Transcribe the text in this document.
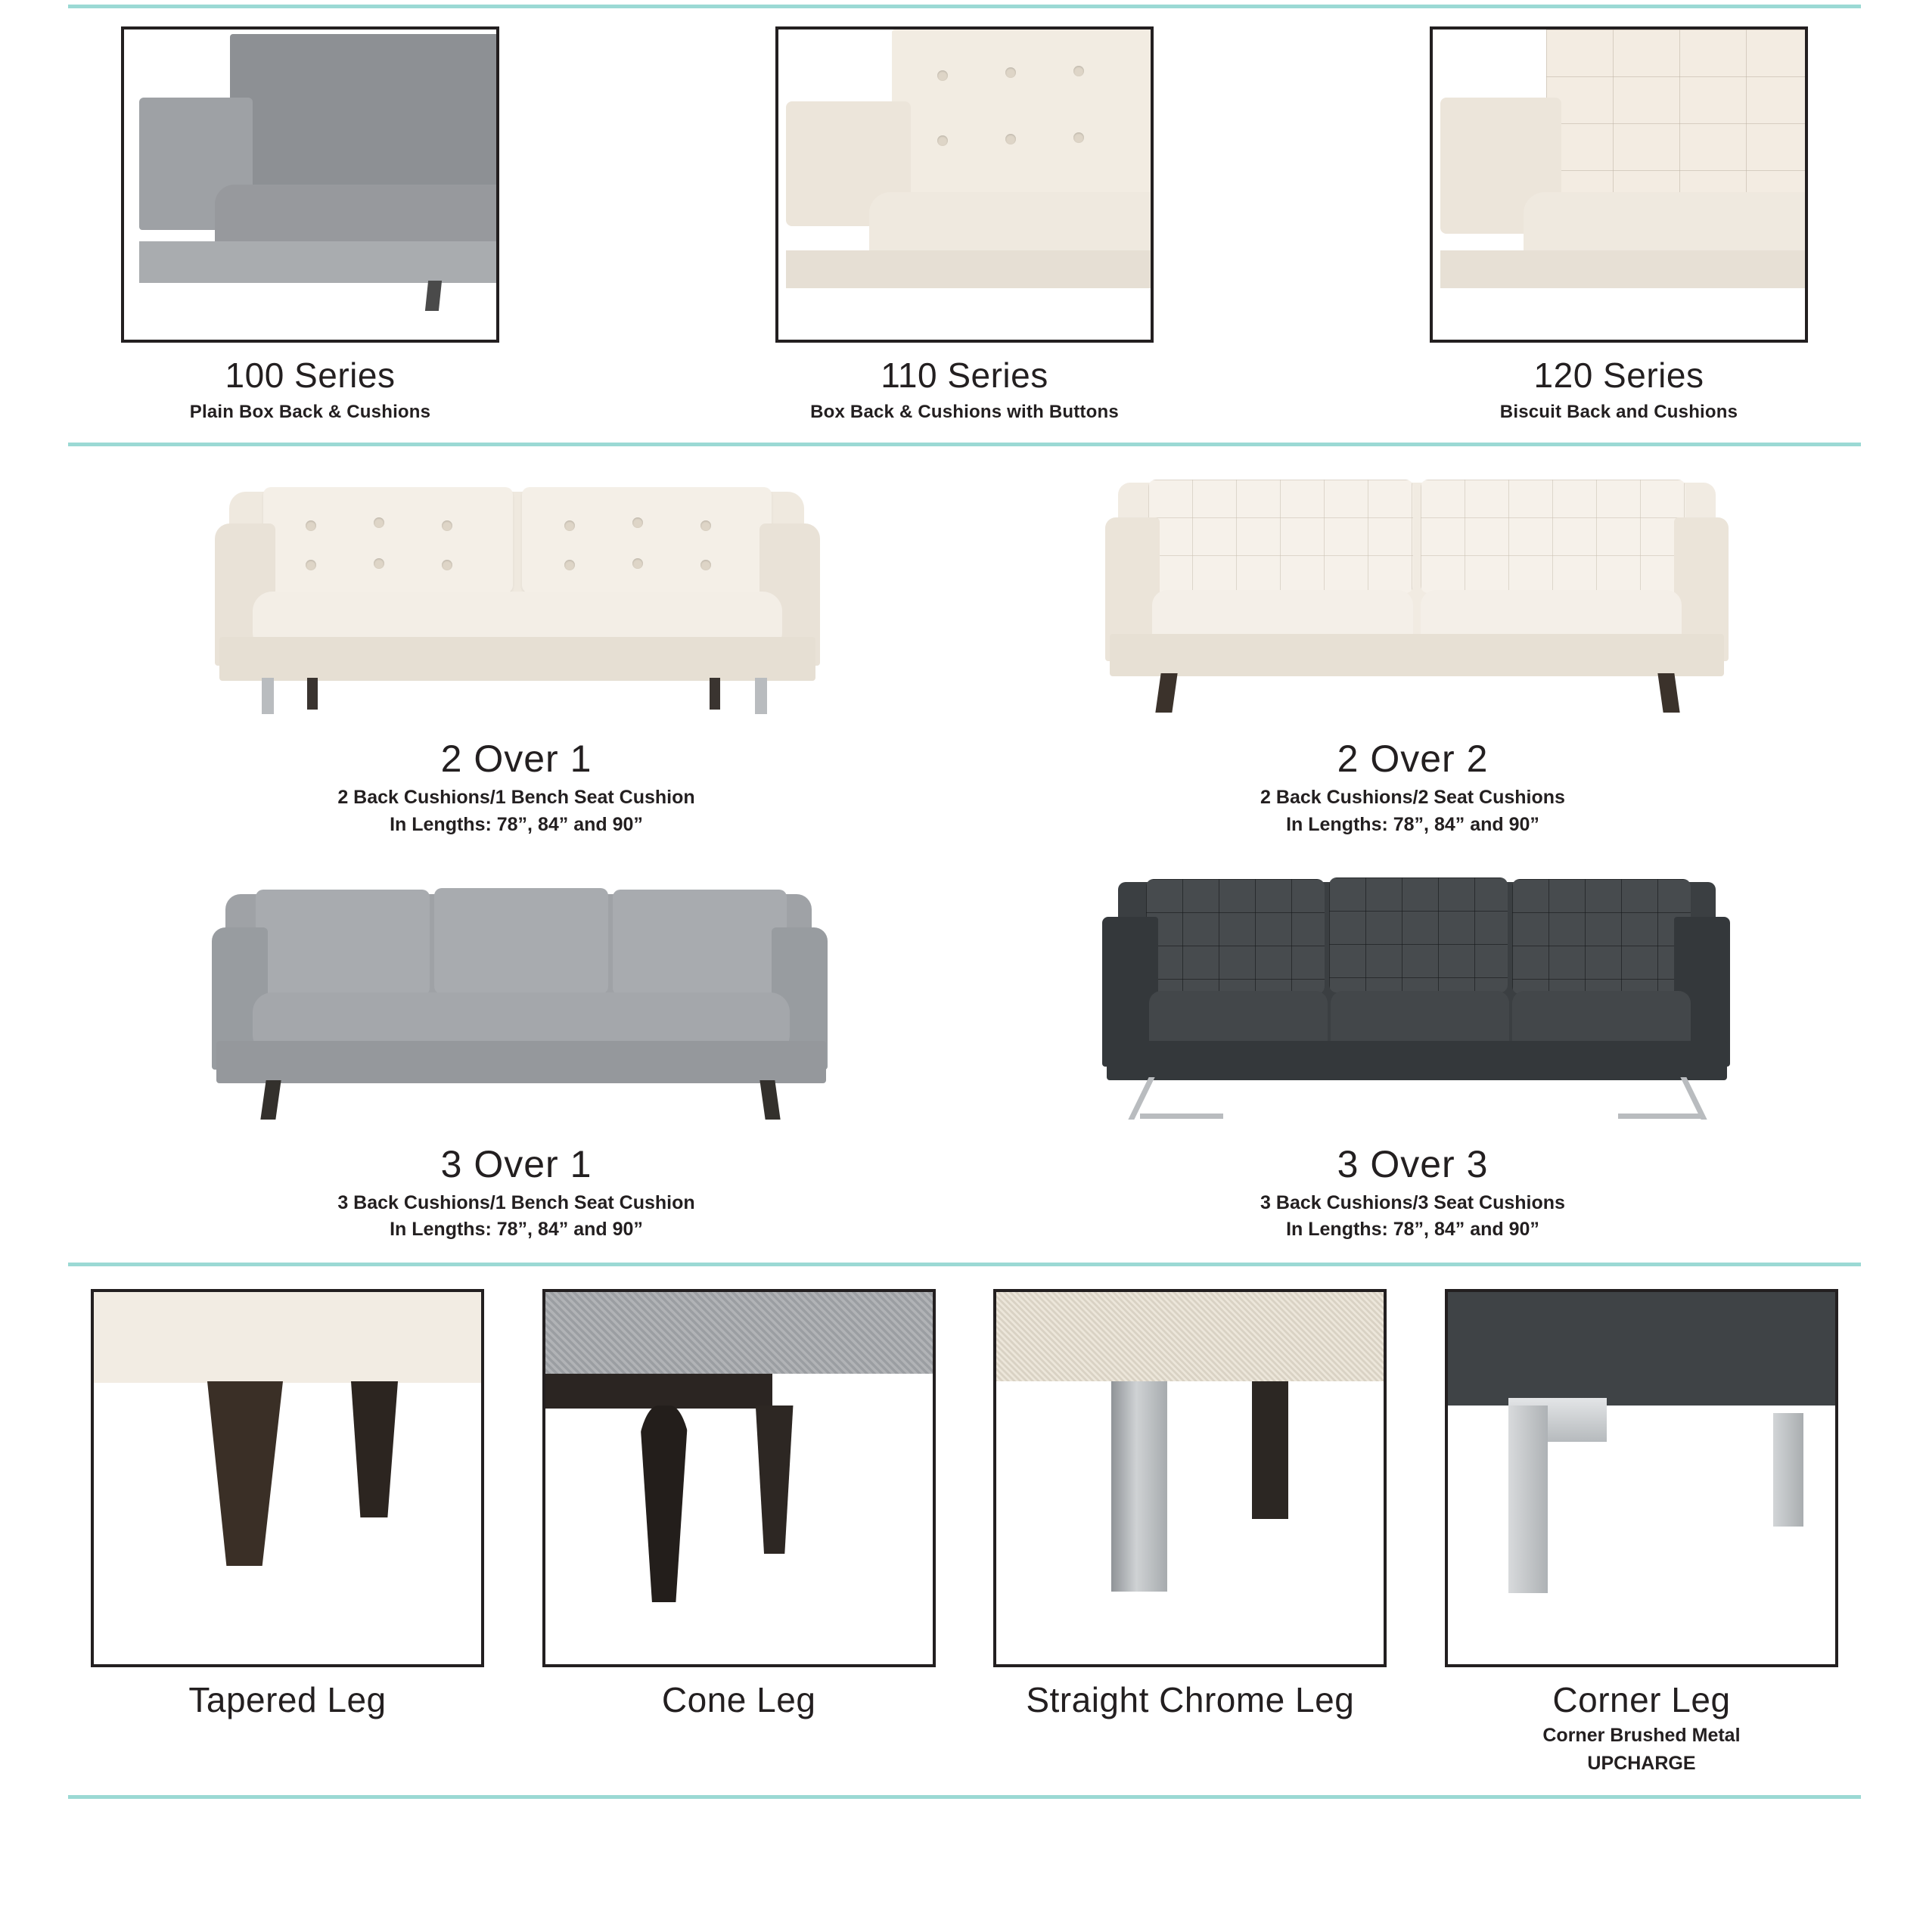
100 Series
Plain Box Back & Cushions
110 Series
Box Back & Cushions with Buttons
120 Series
Biscuit Back and Cushions
2 Over 1
2 Back Cushions/1 Bench Seat Cushion
In Lengths: 78”, 84” and 90”
2 Over 2
2 Back Cushions/2 Seat Cushions
In Lengths: 78”, 84” and 90”
3 Over 1
3 Back Cushions/1 Bench Seat Cushion
In Lengths: 78”, 84” and 90”
3 Over 3
3 Back Cushions/3 Seat Cushions
In Lengths: 78”, 84” and 90”
Tapered Leg	Cone Leg	Straight Chrome Leg	Corner Leg
Corner Brushed Metal
UPCHARGE
